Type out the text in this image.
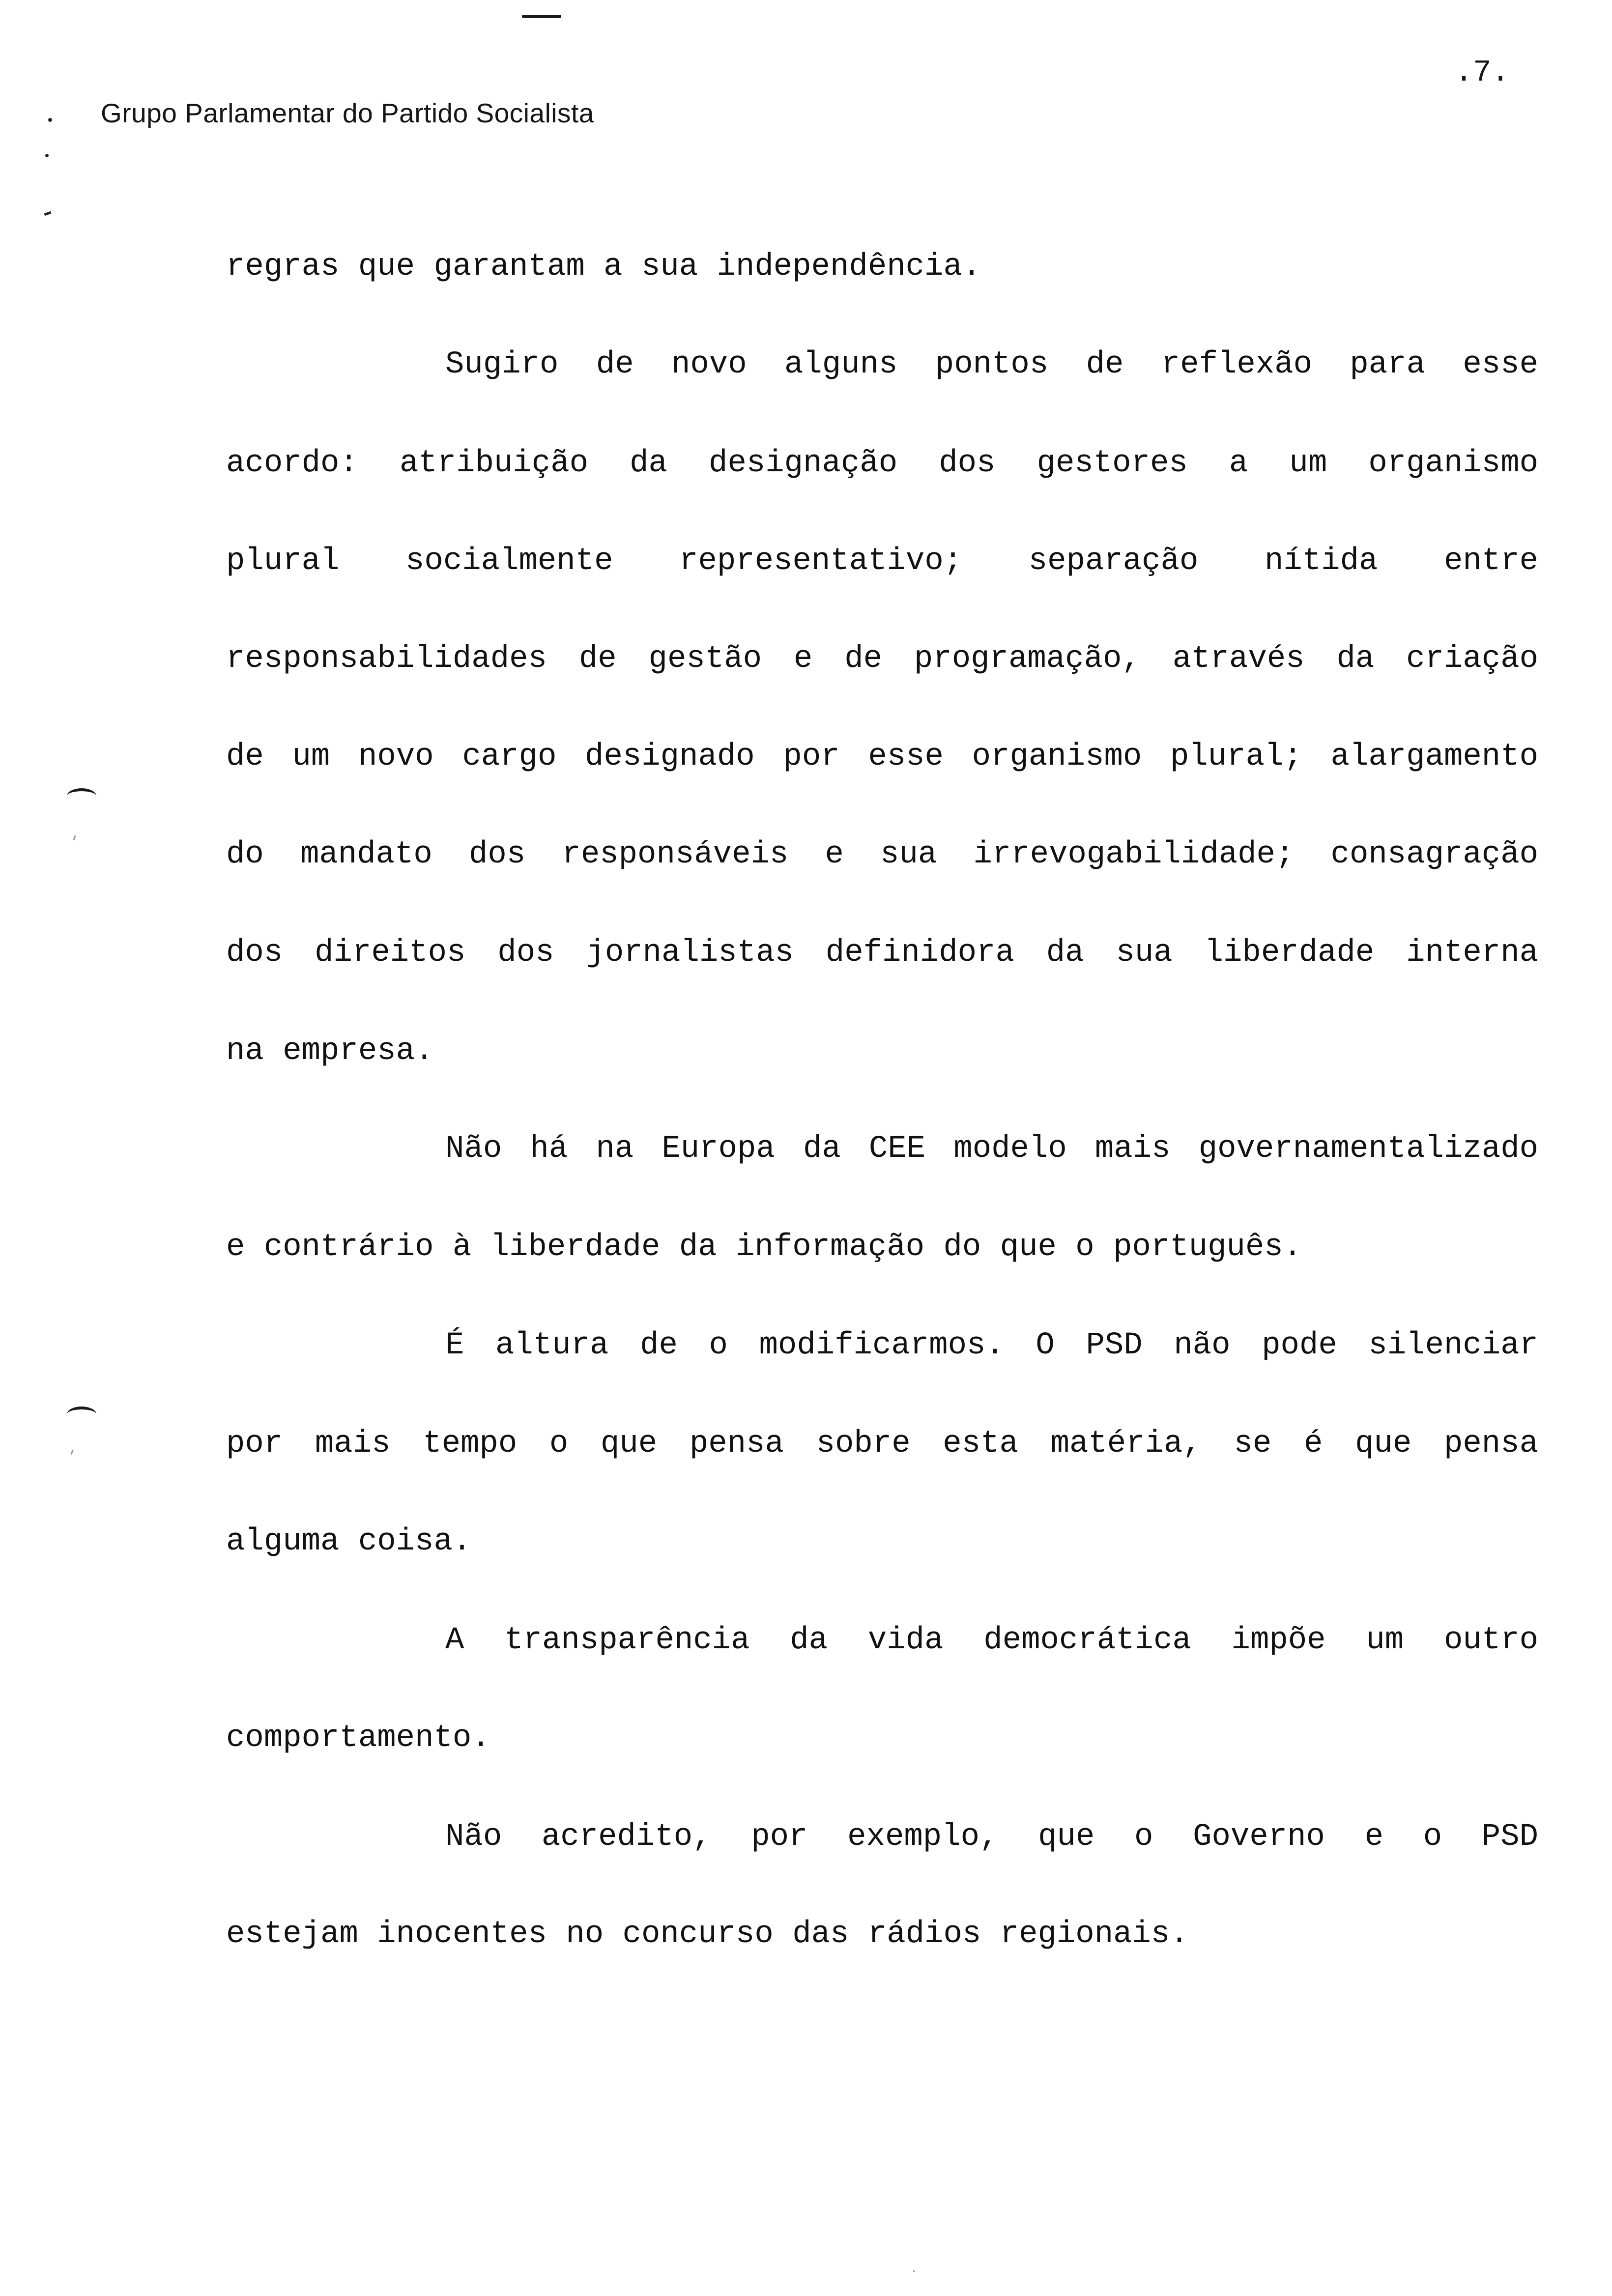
Grupo Parlamentar do Partido Socialista
.7.
regras que garantam a sua independência.
Sugiro de novo alguns pontos de reflexão para esse
acordo: atribuição da designação dos gestores a um organismo
plural socialmente representativo; separação nítida entre
responsabilidades de gestão e de programação, através da criação
de um novo cargo designado por esse organismo plural; alargamento
do mandato dos responsáveis e sua irrevogabilidade; consagração
dos direitos dos jornalistas definidora da sua liberdade interna
na empresa.
Não há na Europa da CEE modelo mais governamentalizado
e contrário à liberdade da informação do que o português.
É altura de o modificarmos. O PSD não pode silenciar
por mais tempo o que pensa sobre esta matéria, se é que pensa
alguma coisa.
A transparência da vida democrática impõe um outro
comportamento.
Não acredito, por exemplo, que o Governo e o PSD
estejam inocentes no concurso das rádios regionais.
